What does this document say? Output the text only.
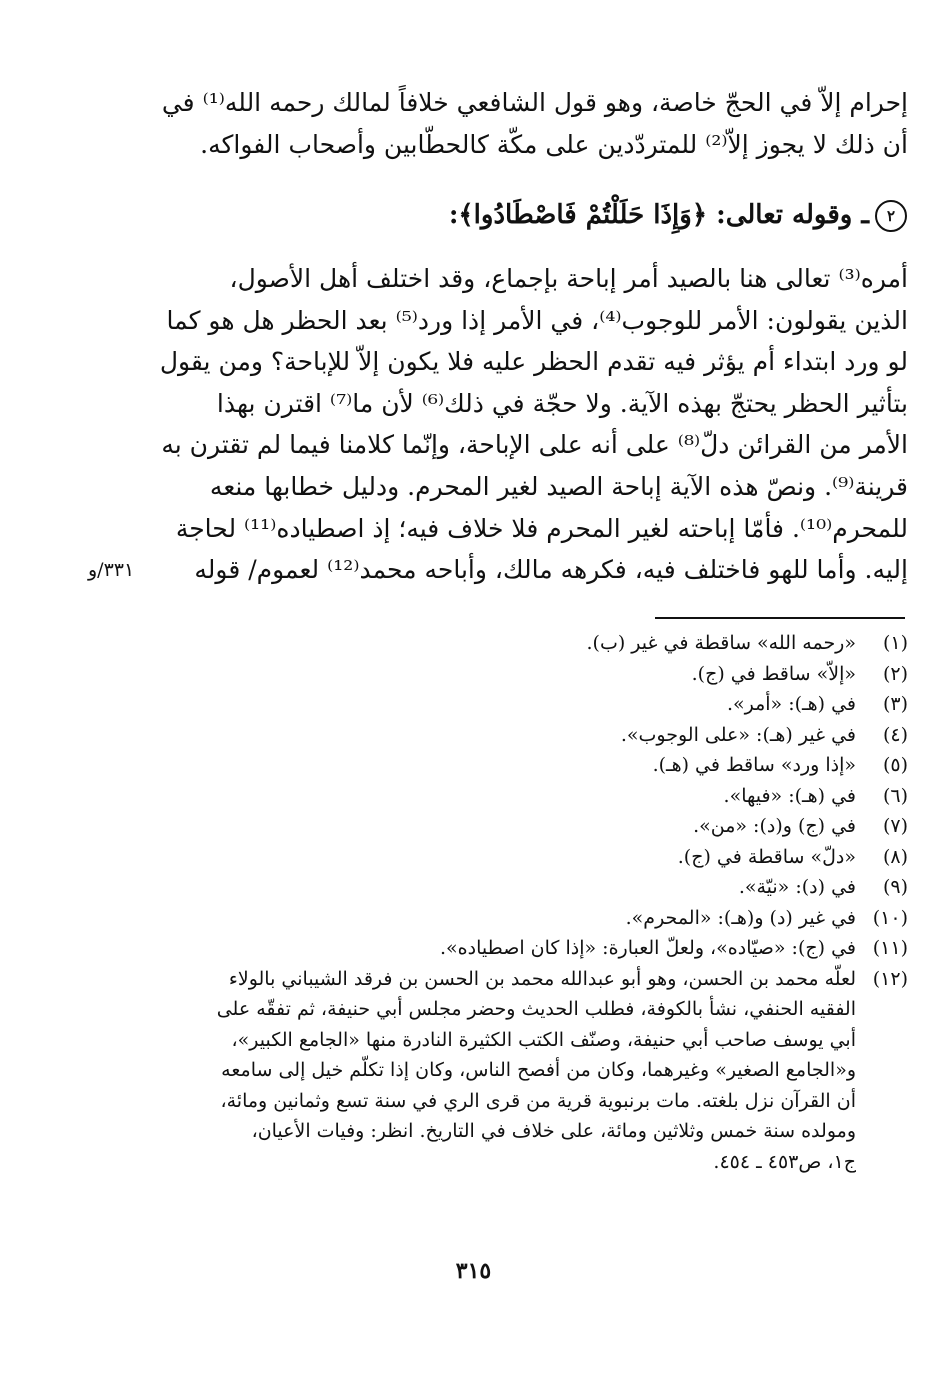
إحرام إلاّ في الحجّ خاصة، وهو قول الشافعي خلافاً لمالك رحمه الله⁽¹⁾ في
أن ذلك لا يجوز إلاّ⁽²⁾ للمتردّدين على مكّة كالحطّابين وأصحاب الفواكه.
٢ـ وقوله تعالى: ﴿وَإِذَا حَلَلْتُمْ فَاصْطَادُوا﴾:
أمره⁽³⁾ تعالى هنا بالصيد أمر إباحة بإجماع، وقد اختلف أهل الأصول،
الذين يقولون: الأمر للوجوب⁽⁴⁾، في الأمر إذا ورد⁽⁵⁾ بعد الحظر هل هو كما
لو ورد ابتداء أم يؤثر فيه تقدم الحظر عليه فلا يكون إلاّ للإباحة؟ ومن يقول
بتأثير الحظر يحتجّ بهذه الآية. ولا حجّة في ذلك⁽⁶⁾ لأن ما⁽⁷⁾ اقترن بهذا
الأمر من القرائن دلّ⁽⁸⁾ على أنه على الإباحة، وإنّما كلامنا فيما لم تقترن به
قرينة⁽⁹⁾. ونصّ هذه الآية إباحة الصيد لغير المحرم. ودليل خطابها منعه
للمحرم⁽¹⁰⁾. فأمّا إباحته لغير المحرم فلا خلاف فيه؛ إذ اصطياده⁽¹¹⁾ لحاجة
إليه. وأما للهو فاختلف فيه، فكرهه مالك، وأباحه محمد⁽¹²⁾ لعموم/ قوله
٣٣١/و
(١)
«رحمه الله» ساقطة في غير (ب).
(٢)
«إلاّ» ساقط في (ج).
(٣)
في (هـ): «أمر».
(٤)
في غير (هـ): «على الوجوب».
(٥)
«إذا ورد» ساقط في (هـ).
(٦)
في (هـ): «فيها».
(٧)
في (ج) و(د): «من».
(٨)
«دلّ» ساقطة في (ج).
(٩)
في (د): «نيّة».
(١٠)
في غير (د) و(هـ): «المحرم».
(١١)
في (ج): «صيّاده»، ولعلّ العبارة: «إذا كان اصطياده».
(١٢)
لعلّه محمد بن الحسن، وهو أبو عبدالله محمد بن الحسن بن فرقد الشيباني بالولاء
الفقيه الحنفي، نشأ بالكوفة، فطلب الحديث وحضر مجلس أبي حنيفة، ثم تفقّه على
أبي يوسف صاحب أبي حنيفة، وصنّف الكتب الكثيرة النادرة منها «الجامع الكبير»،
و«الجامع الصغير» وغيرهما، وكان من أفصح الناس، وكان إذا تكلّم خيل إلى سامعه
أن القرآن نزل بلغته. مات برنبوية قرية من قرى الري في سنة تسع وثمانين ومائة،
ومولده سنة خمس وثلاثين ومائة، على خلاف في التاريخ. انظر: وفيات الأعيان،
ج١، ص٤٥٣ ـ ٤٥٤.
٣١٥
